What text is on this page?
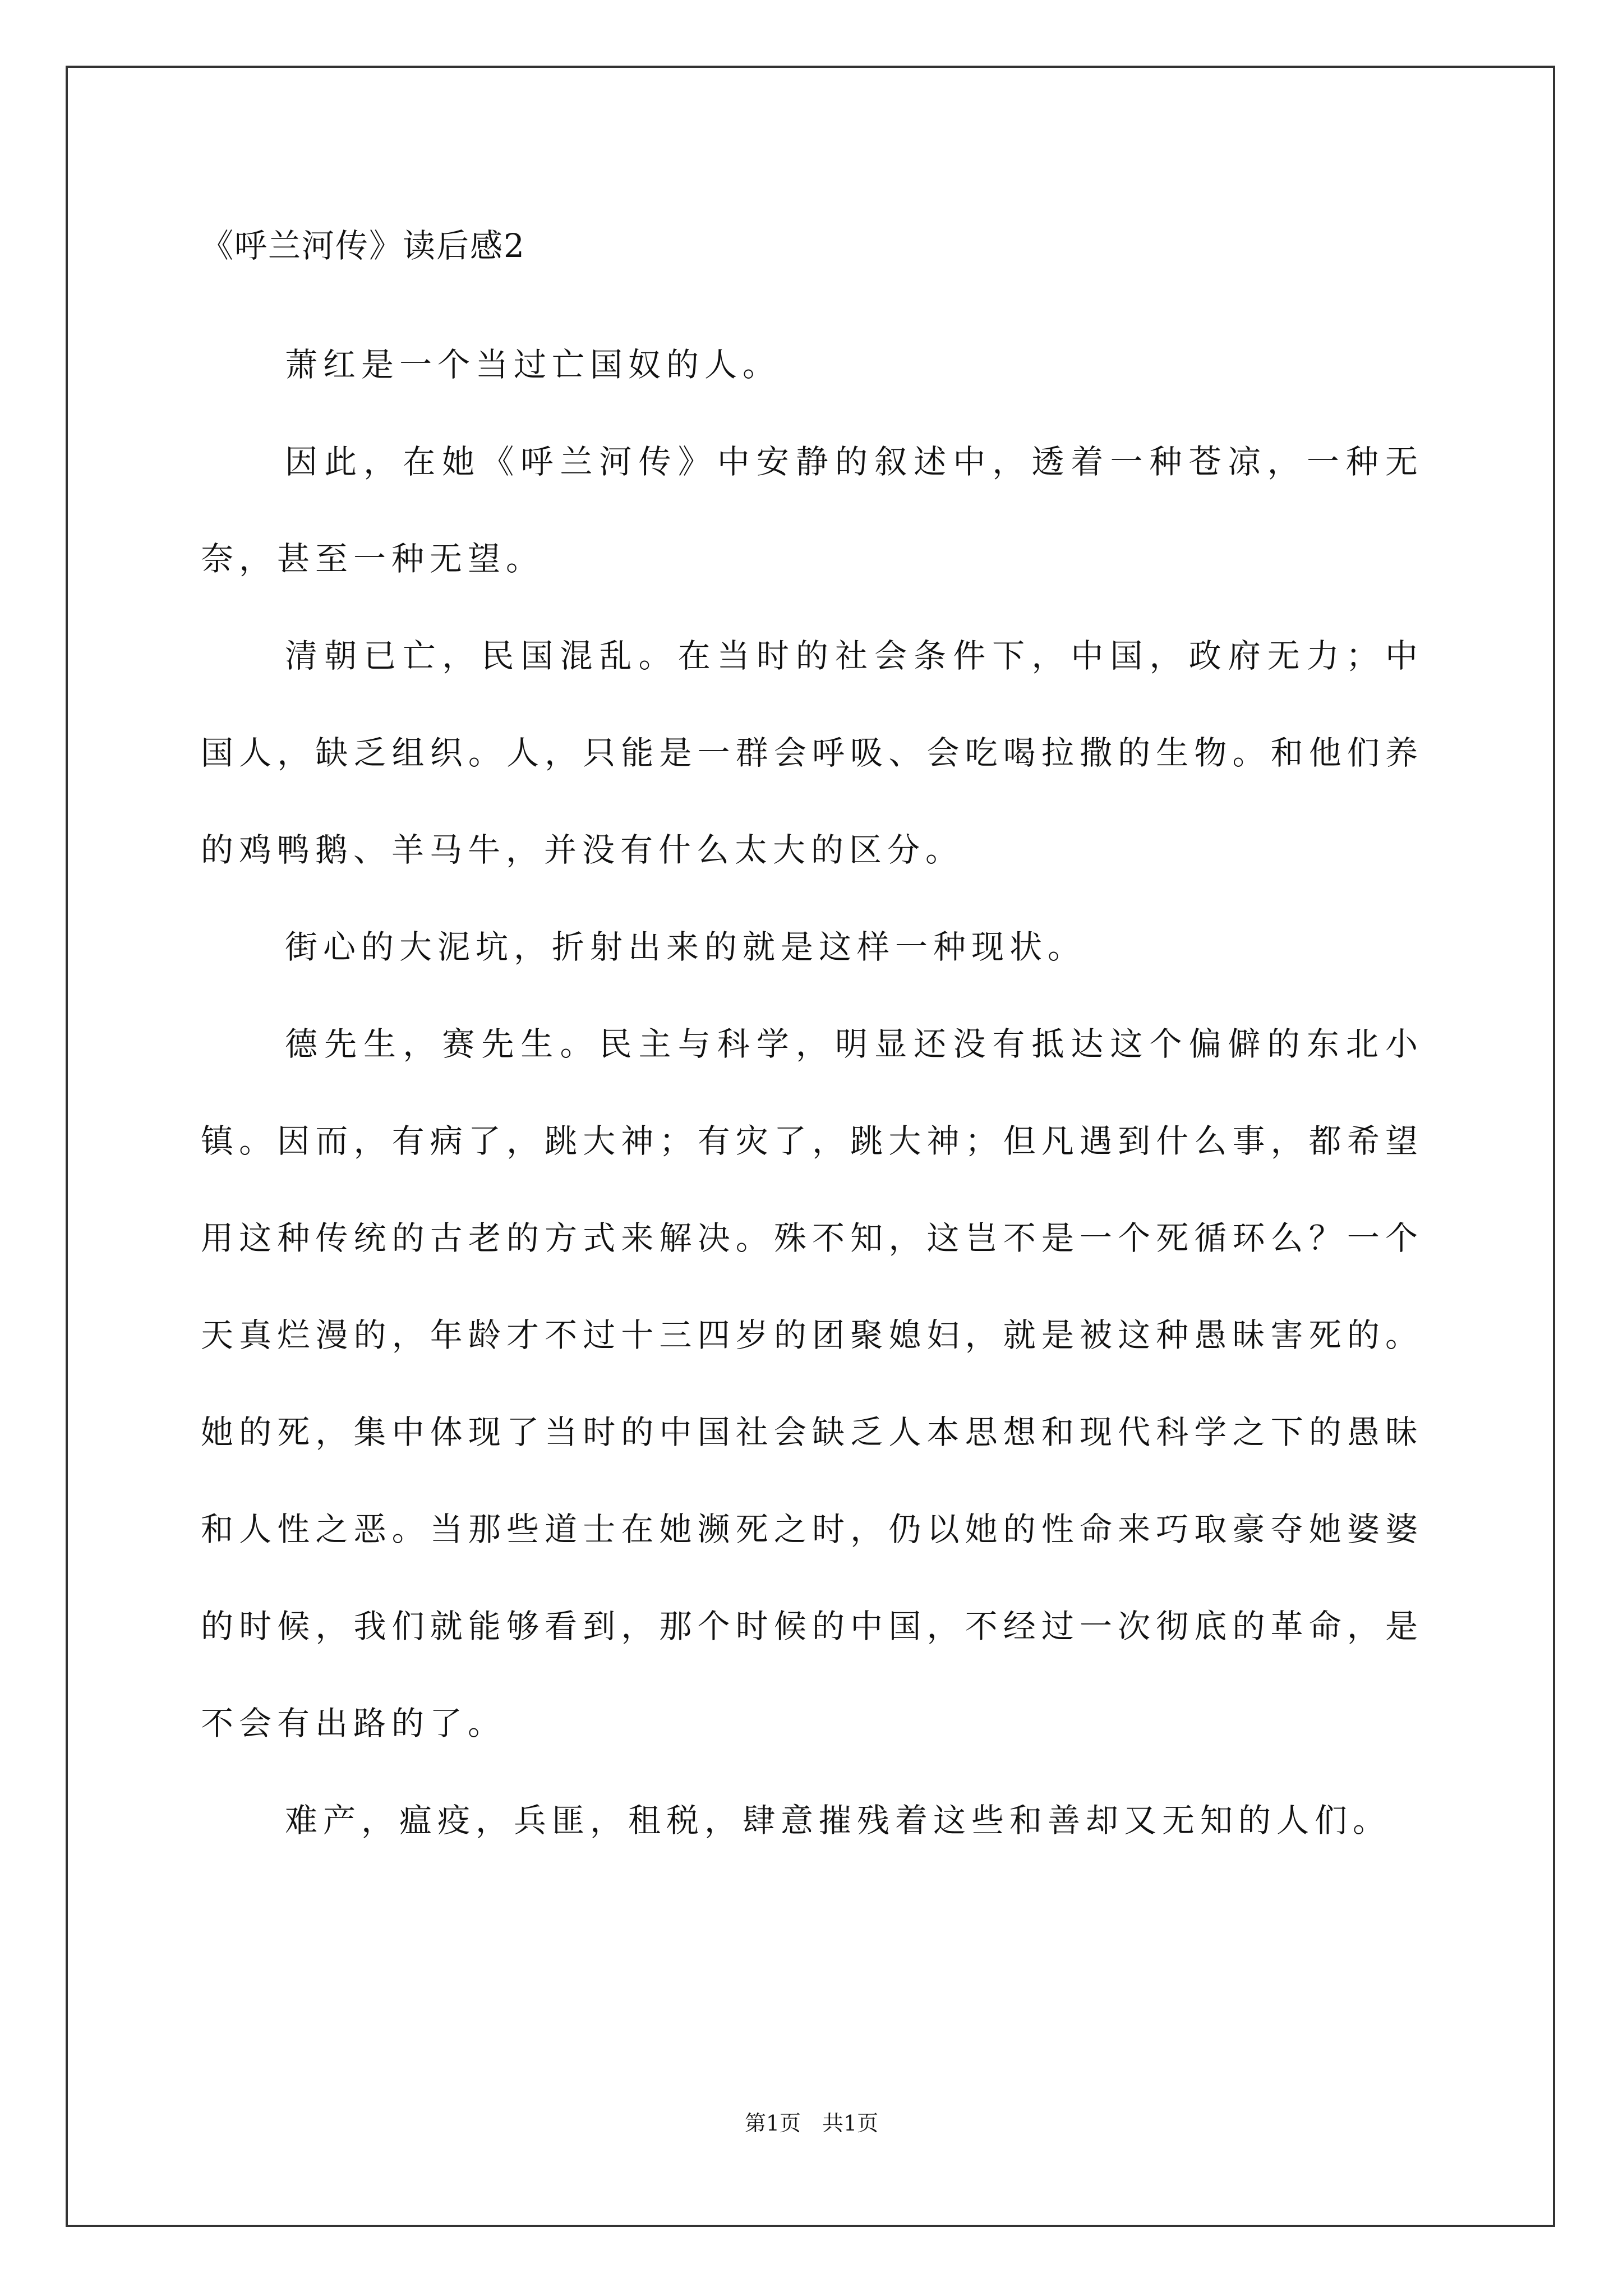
《呼兰河传》读后感2

萧红是一个当过亡国奴的人。

因此，在她《呼兰河传》中安静的叙述中，透着一种苍凉，一种无奈，甚至一种无望。

清朝已亡，民国混乱。在当时的社会条件下，中国，政府无力；中国人，缺乏组织。人，只能是一群会呼吸、会吃喝拉撒的生物。和他们养的鸡鸭鹅、羊马牛，并没有什么太大的区分。

街心的大泥坑，折射出来的就是这样一种现状。

德先生，赛先生。民主与科学，明显还没有抵达这个偏僻的东北小镇。因而，有病了，跳大神；有灾了，跳大神；但凡遇到什么事，都希望用这种传统的古老的方式来解决。殊不知，这岂不是一个死循环么？一个天真烂漫的，年龄才不过十三四岁的团聚媳妇，就是被这种愚昧害死的。她的死，集中体现了当时的中国社会缺乏人本思想和现代科学之下的愚昧和人性之恶。当那些道士在她濒死之时，仍以她的性命来巧取豪夺她婆婆的时候，我们就能够看到，那个时候的中国，不经过一次彻底的革命，是不会有出路的了。

难产，瘟疫，兵匪，租税，肆意摧残着这些和善却又无知的人们。

第1页　共1页
